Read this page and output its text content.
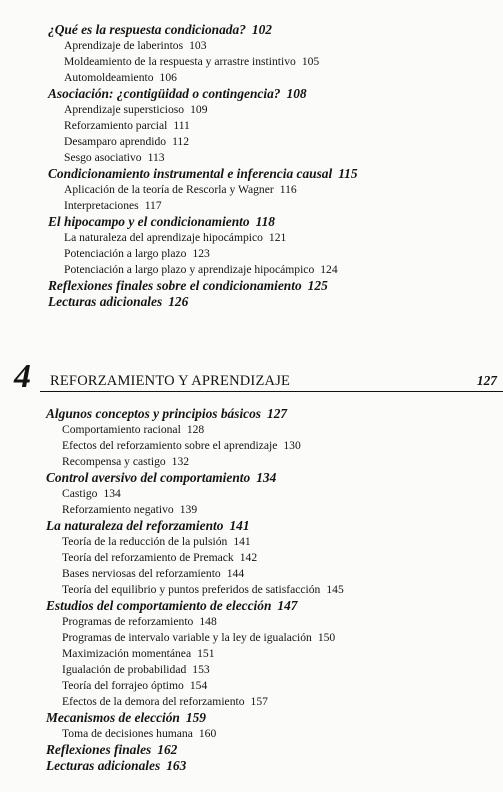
¿Qué es la respuesta condicionada? 102
Aprendizaje de laberintos 103
Moldeamiento de la respuesta y arrastre instintivo 105
Automoldeamiento 106
Asociación: ¿contigüidad o contingencia? 108
Aprendizaje supersticioso 109
Reforzamiento parcial 111
Desamparo aprendido 112
Sesgo asociativo 113
Condicionamiento instrumental e inferencia causal 115
Aplicación de la teoría de Rescorla y Wagner 116
Interpretaciones 117
El hipocampo y el condicionamiento 118
La naturaleza del aprendizaje hipocámpico 121
Potenciación a largo plazo 123
Potenciación a largo plazo y aprendizaje hipocámpico 124
Reflexiones finales sobre el condicionamiento 125
Lecturas adicionales 126
4 REFORZAMIENTO Y APRENDIZAJE	127
Algunos conceptos y principios básicos 127
Comportamiento racional 128
Efectos del reforzamiento sobre el aprendizaje 130
Recompensa y castigo 132
Control aversivo del comportamiento 134
Castigo 134
Reforzamiento negativo 139
La naturaleza del reforzamiento 141
Teoría de la reducción de la pulsión 141
Teoría del reforzamiento de Premack 142
Bases nerviosas del reforzamiento 144
Teoría del equilibrio y puntos preferidos de satisfacción 145
Estudios del comportamiento de elección 147
Programas de reforzamiento 148
Programas de intervalo variable y la ley de igualación 150
Maximización momentánea 151
Igualación de probabilidad 153
Teoría del forrajeo óptimo 154
Efectos de la demora del reforzamiento 157
Mecanismos de elección 159
Toma de decisiones humana 160
Reflexiones finales 162
Lecturas adicionales 163
